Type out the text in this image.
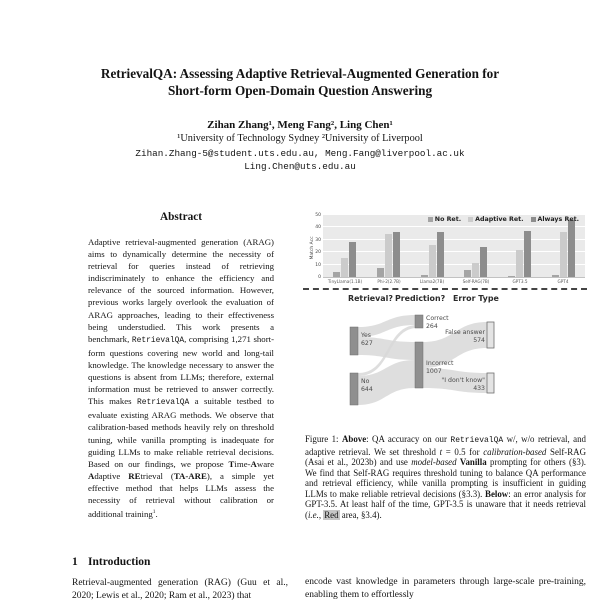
RetrievalQA: Assessing Adaptive Retrieval-Augmented Generation for
Short-form Open-Domain Question Answering
Zihan Zhang¹, Meng Fang², Ling Chen¹
¹University of Technology Sydney ²University of Liverpool
Zihan.Zhang-5@student.uts.edu.au, Meng.Fang@liverpool.ac.uk
Ling.Chen@uts.edu.au
Abstract
Adaptive retrieval-augmented generation (ARAG) aims to dynamically determine the necessity of retrieval for queries instead of retrieving indiscriminately to enhance the efficiency and relevance of the sourced information. However, previous works largely overlook the evaluation of ARAG approaches, leading to their effectiveness being understudied. This work presents a benchmark, RetrievalQA, comprising 1,271 short-form questions covering new world and long-tail knowledge. The knowledge necessary to answer the questions is absent from LLMs; therefore, external information must be retrieved to answer correctly. This makes RetrievalQA a suitable testbed to evaluate existing ARAG methods. We observe that calibration-based methods heavily rely on threshold tuning, while vanilla prompting is inadequate for guiding LLMs to make reliable retrieval decisions. Based on our findings, we propose Time-Aware Adaptive REtrieval (TA-ARE), a simple yet effective method that helps LLMs assess the necessity of retrieval without calibration or additional training$^1$.
1 Introduction
Retrieval-augmented generation (RAG) (Guu et al., 2020; Lewis et al., 2020; Ram et al., 2023) that
Match Acc
0
10
20
30
40
50
No Ret. Adaptive Ret. Always Ret.
TinyLlama(1.1B)	Phi-2(2.7B)	Llama2(7B)	Self-RAG(7B)	GPT3.5	GPT4
Retrieval? Prediction? Error Type
Yes
627
No
644
Correct
264
Incorrect
1007
False answer
574
"I don't know"
433
Figure 1: Above: QA accuracy on our RetrievalQA w/, w/o retrieval, and adaptive retrieval. We set threshold t = 0.5 for calibration-based Self-RAG (Asai et al., 2023b) and use model-based Vanilla prompting for others (§3). We find that Self-RAG requires threshold tuning to balance QA performance and retrieval efficiency, while vanilla prompting is insufficient in guiding LLMs to make reliable retrieval decisions (§3.3). Below: an error analysis for GPT-3.5. At least half of the time, GPT-3.5 is unaware that it needs retrieval (i.e., Red area, §3.4).
encode vast knowledge in parameters through large-scale pre-training, enabling them to effortlessly
